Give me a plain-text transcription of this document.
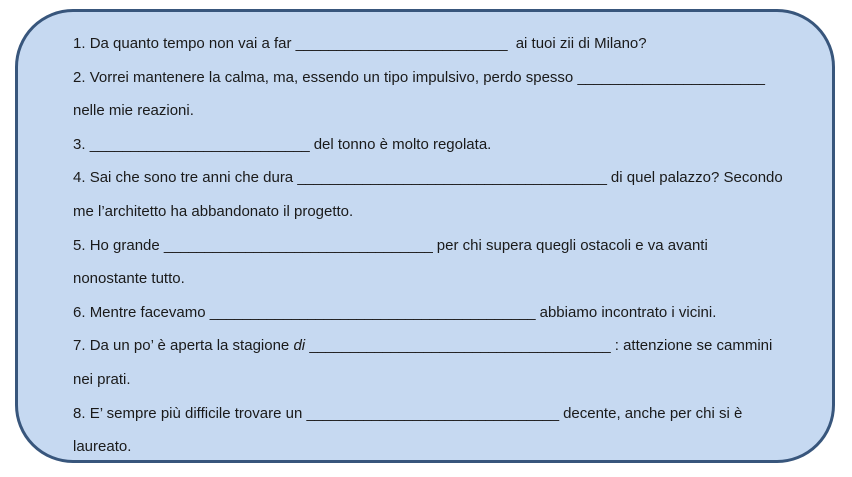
1. Da quanto tempo non vai a far __________________________ ai tuoi zii di Milano?
2. Vorrei mantenere la calma, ma, essendo un tipo impulsivo, perdo spesso _______________________
nelle mie reazioni.
3. ___________________________ del tonno è molto regolata.
4. Sai che sono tre anni che dura ______________________________________ di quel palazzo? Secondo
me l’architetto ha abbandonato il progetto.
5. Ho grande _________________________________ per chi supera quegli ostacoli e va avanti
nonostante tutto.
6. Mentre facevamo ________________________________________ abbiamo incontrato i vicini.
7. Da un po’ è aperta la stagione di _____________________________________ : attenzione se cammini
nei prati.
8. E’ sempre più difficile trovare un _______________________________ decente, anche per chi si è
laureato.
